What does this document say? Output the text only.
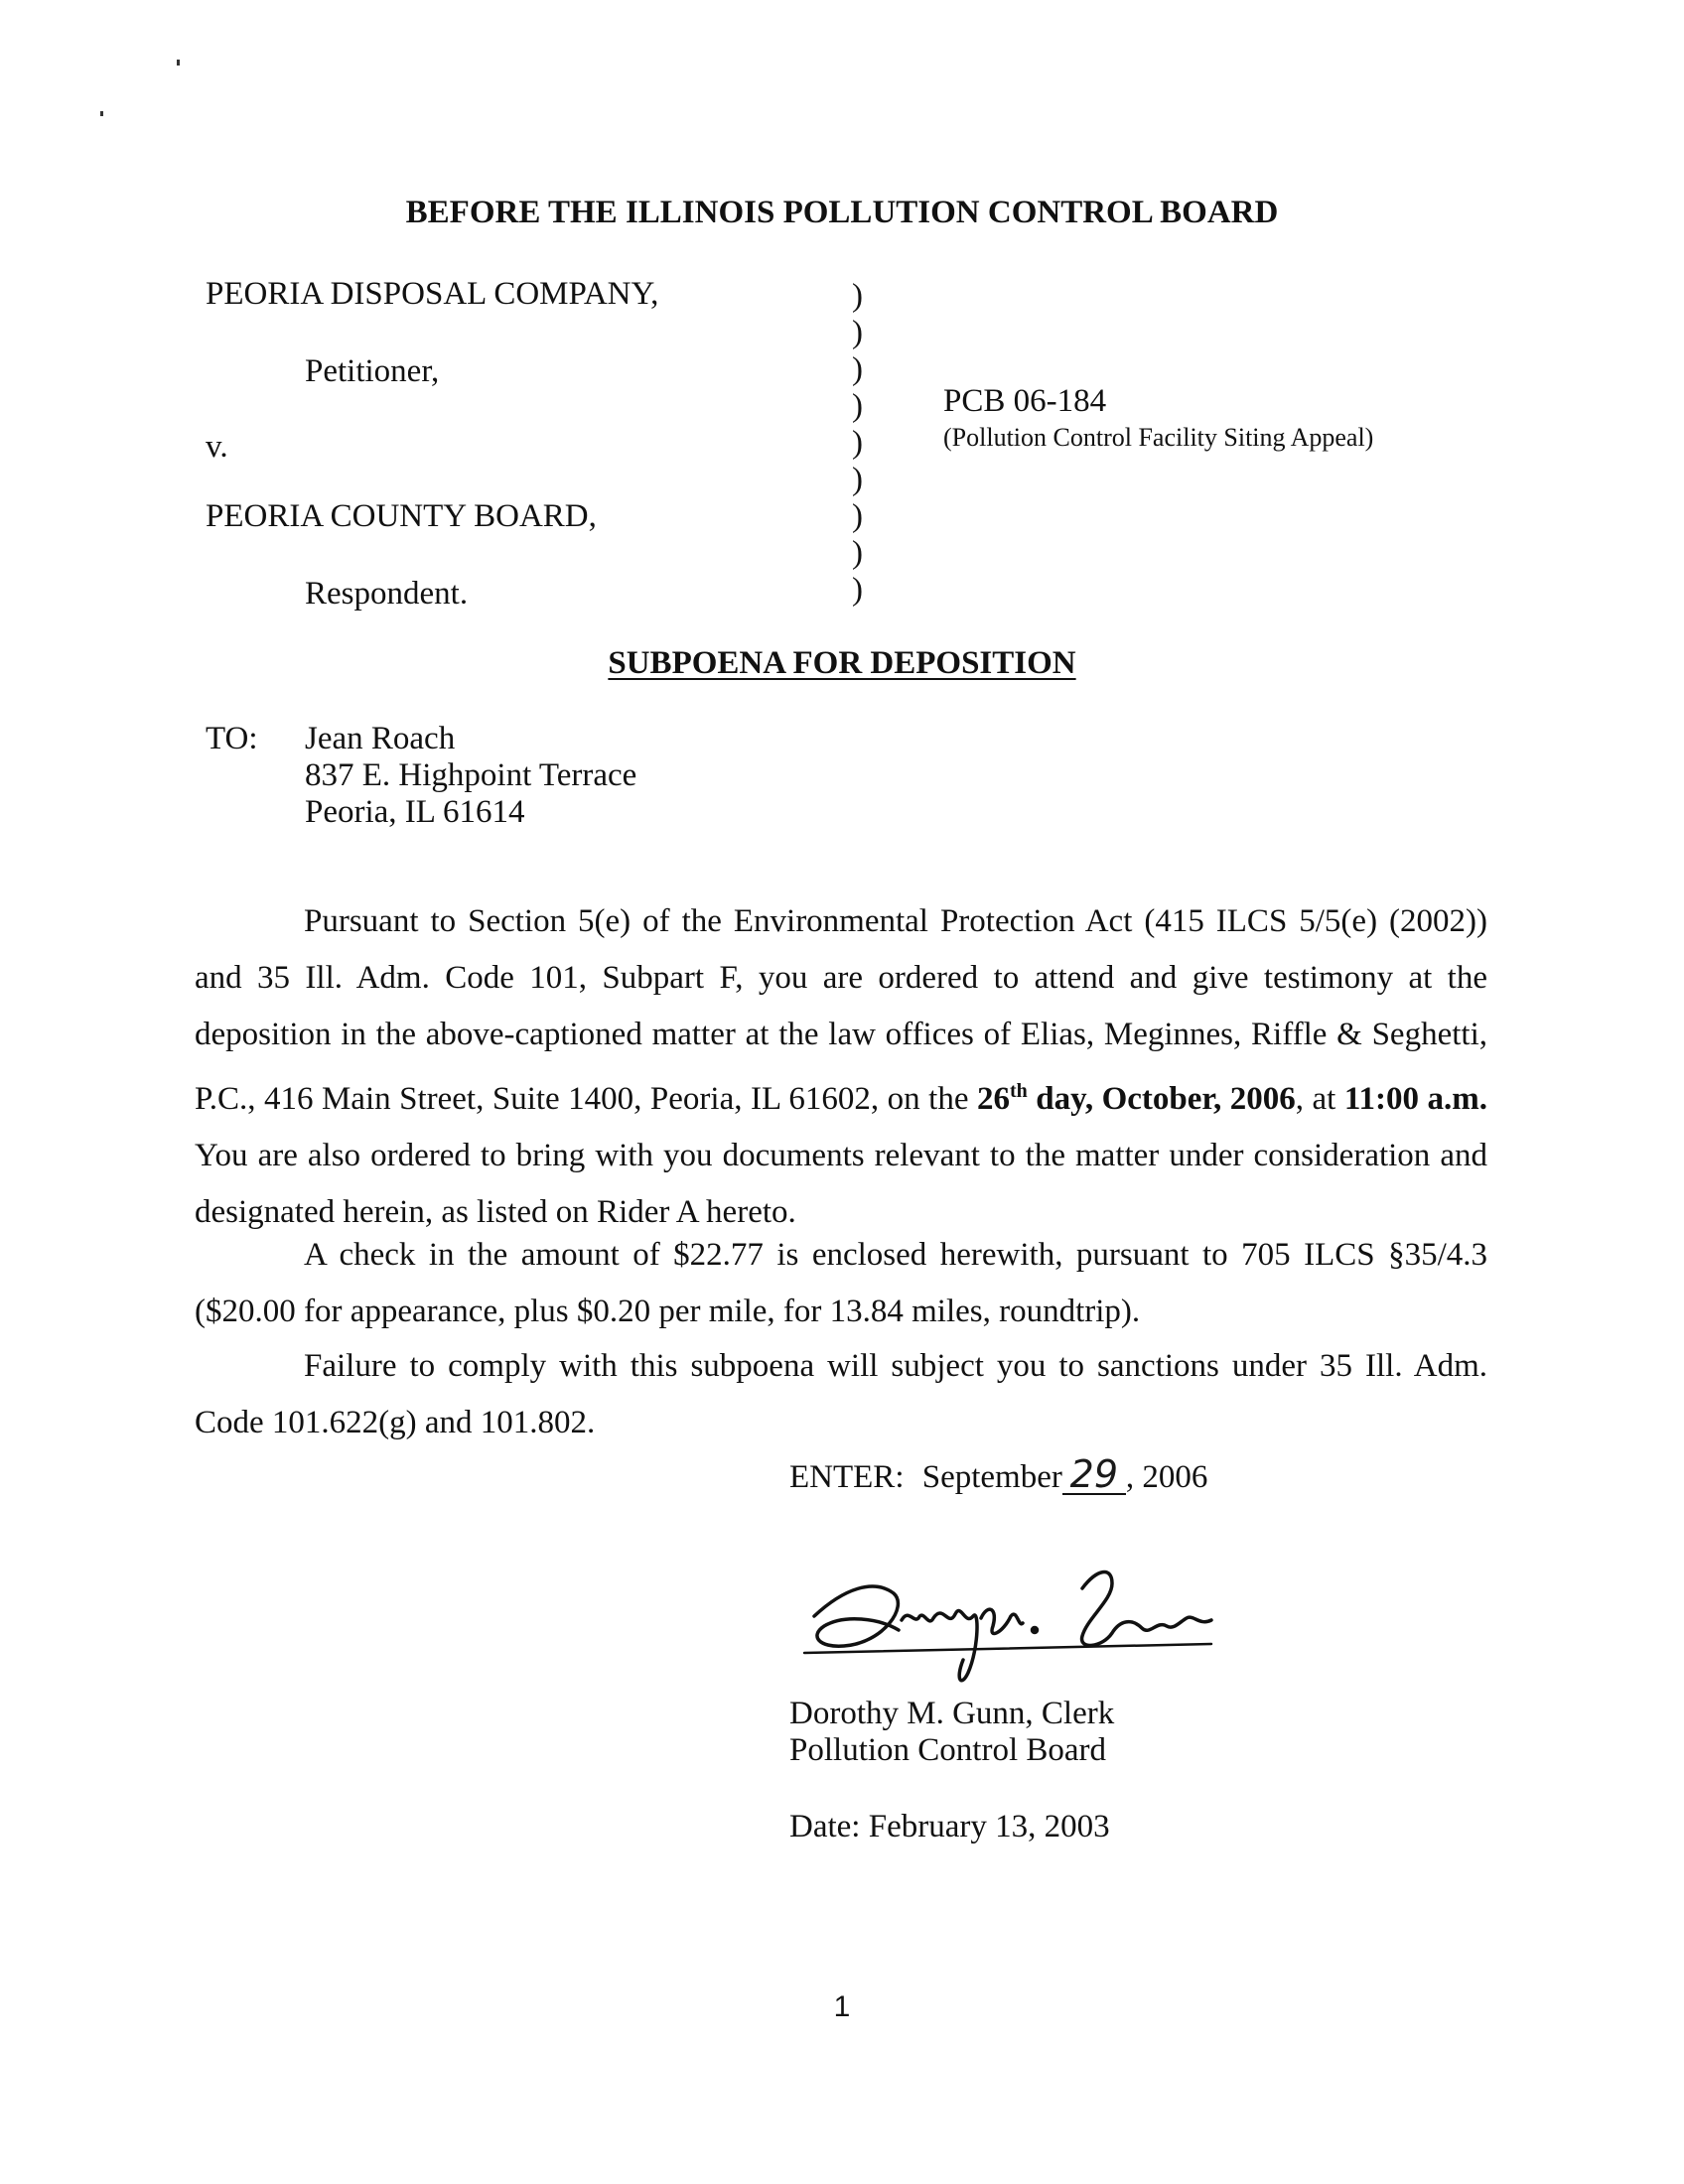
BEFORE THE ILLINOIS POLLUTION CONTROL BOARD
PEORIA DISPOSAL COMPANY,
Petitioner,
v.
PEORIA COUNTY BOARD,
Respondent.
)
)
)
)
)
)
)
)
)
PCB 06-184
(Pollution Control Facility Siting Appeal)
SUBPOENA FOR DEPOSITION
TO: Jean Roach
837 E. Highpoint Terrace
Peoria, IL 61614
Pursuant to Section 5(e) of the Environmental Protection Act (415 ILCS 5/5(e) (2002)) and 35 Ill. Adm. Code 101, Subpart F, you are ordered to attend and give testimony at the deposition in the above-captioned matter at the law offices of Elias, Meginnes, Riffle & Seghetti, P.C., 416 Main Street, Suite 1400, Peoria, IL 61602, on the 26th day, October, 2006, at 11:00 a.m. You are also ordered to bring with you documents relevant to the matter under consideration and designated herein, as listed on Rider A hereto.
A check in the amount of $22.77 is enclosed herewith, pursuant to 705 ILCS §35/4.3 ($20.00 for appearance, plus $0.20 per mile, for 13.84 miles, roundtrip).
Failure to comply with this subpoena will subject you to sanctions under 35 Ill. Adm. Code 101.622(g) and 101.802.
ENTER: September 29 , 2006
Dorothy M. Gunn, Clerk
Pollution Control Board
Date: February 13, 2003
1
